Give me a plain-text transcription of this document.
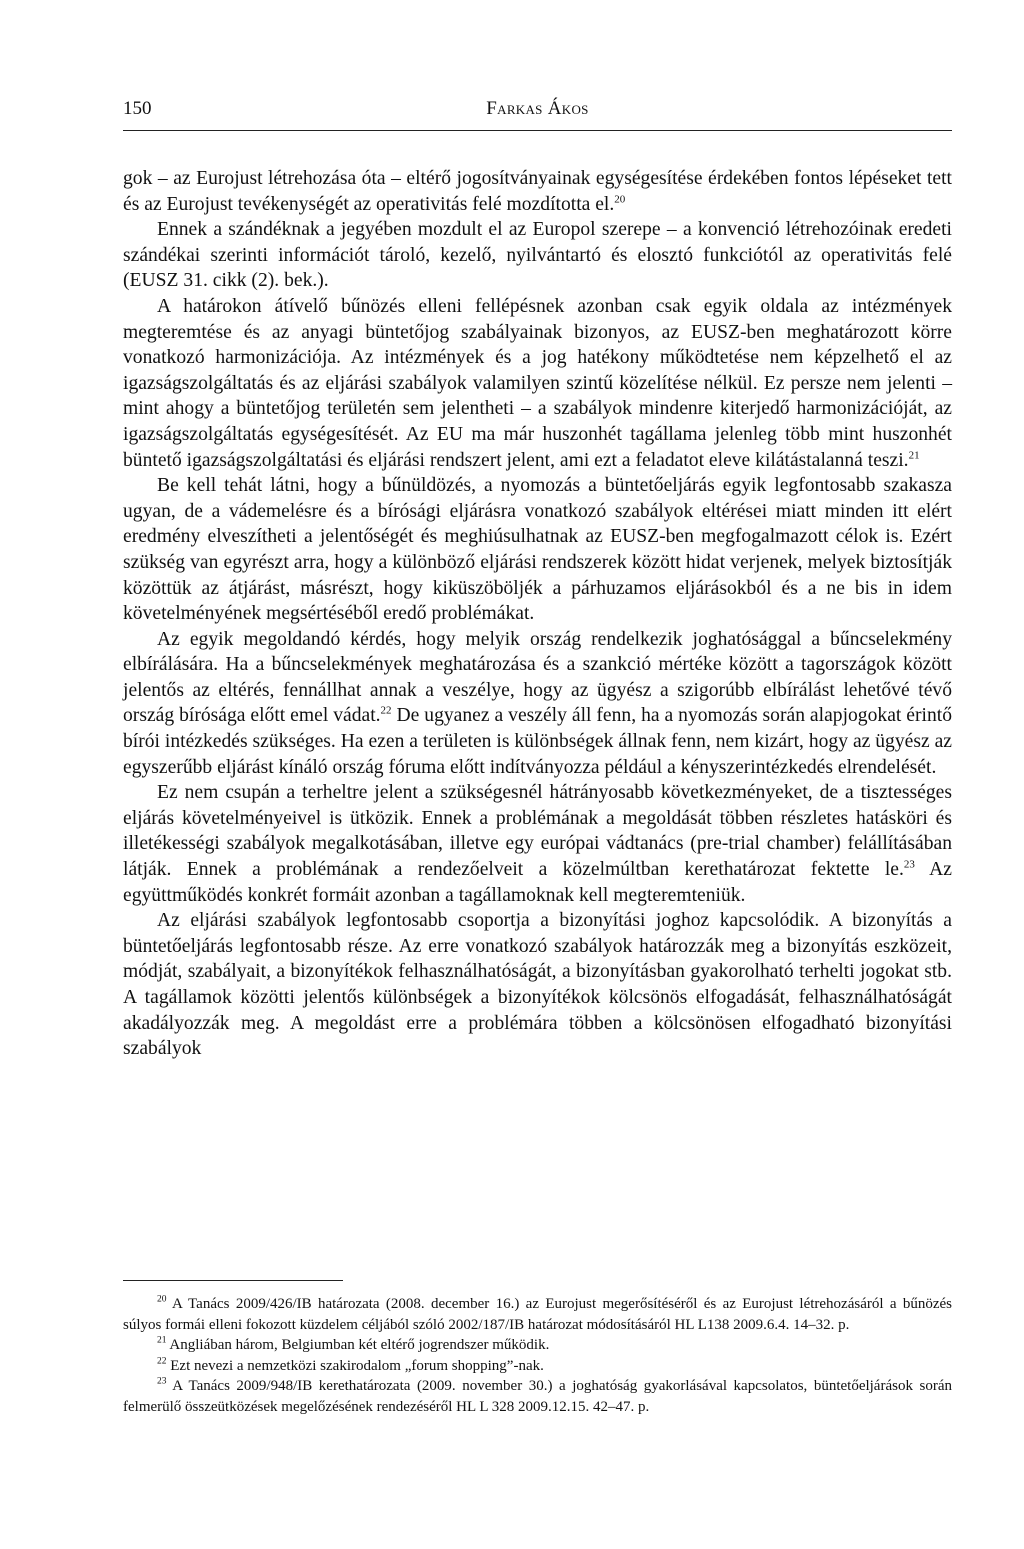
150	Farkas Ákos

gok – az Eurojust létrehozása óta – eltérő jogosítványainak egységesítése érdekében fontos lépéseket tett és az Eurojust tevékenységét az operativitás felé mozdította el.$^{20}$

Ennek a szándéknak a jegyében mozdult el az Europol szerepe – a konvenció létrehozóinak eredeti szándékai szerinti információt tároló, kezelő, nyilvántartó és elosztó funkciótól az operativitás felé (EUSZ 31. cikk (2). bek.).

A határokon átívelő bűnözés elleni fellépésnek azonban csak egyik oldala az intézmények megteremtése és az anyagi büntetőjog szabályainak bizonyos, az EUSZ-ben meghatározott körre vonatkozó harmonizációja. Az intézmények és a jog hatékony működtetése nem képzelhető el az igazságszolgáltatás és az eljárási szabályok valamilyen szintű közelítése nélkül. Ez persze nem jelenti – mint ahogy a büntetőjog területén sem jelentheti – a szabályok mindenre kiterjedő harmonizációját, az igazságszolgáltatás egységesítését. Az EU ma már huszonhét tagállama jelenleg több mint huszonhét büntető igazságszolgáltatási és eljárási rendszert jelent, ami ezt a feladatot eleve kilátástalanná teszi.$^{21}$

Be kell tehát látni, hogy a bűnüldözés, a nyomozás a büntetőeljárás egyik legfontosabb szakasza ugyan, de a vádemelésre és a bírósági eljárásra vonatkozó szabályok eltérései miatt minden itt elért eredmény elveszítheti a jelentőségét és meghiúsulhatnak az EUSZ-ben megfogalmazott célok is. Ezért szükség van egyrészt arra, hogy a különböző eljárási rendszerek között hidat verjenek, melyek biztosítják közöttük az átjárást, másrészt, hogy kiküszöböljék a párhuzamos eljárásokból és a ne bis in idem követelményének megsértéséből eredő problémákat.

Az egyik megoldandó kérdés, hogy melyik ország rendelkezik joghatósággal a bűncselekmény elbírálására. Ha a bűncselekmények meghatározása és a szankció mértéke között a tagországok között jelentős az eltérés, fennállhat annak a veszélye, hogy az ügyész a szigorúbb elbírálást lehetővé tévő ország bírósága előtt emel vádat.$^{22}$ De ugyanez a veszély áll fenn, ha a nyomozás során alapjogokat érintő bírói intézkedés szükséges. Ha ezen a területen is különbségek állnak fenn, nem kizárt, hogy az ügyész az egyszerűbb eljárást kínáló ország fóruma előtt indítványozza például a kényszerintézkedés elrendelését.

Ez nem csupán a terheltre jelent a szükségesnél hátrányosabb következményeket, de a tisztességes eljárás követelményeivel is ütközik. Ennek a problémának a megoldását többen részletes hatásköri és illetékességi szabályok megalkotásában, illetve egy európai vádtanács (pre-trial chamber) felállításában látják. Ennek a problémának a rendezőelveit a közelmúltban kerethatározat fektette le.$^{23}$ Az együttműködés konkrét formáit azonban a tagállamoknak kell megteremteniük.

Az eljárási szabályok legfontosabb csoportja a bizonyítási joghoz kapcsolódik. A bizonyítás a büntetőeljárás legfontosabb része. Az erre vonatkozó szabályok határozzák meg a bizonyítás eszközeit, módját, szabályait, a bizonyítékok felhasználhatóságát, a bizonyításban gyakorolható terhelti jogokat stb. A tagállamok közötti jelentős különbségek a bizonyítékok kölcsönös elfogadását, felhasználhatóságát akadályozzák meg. A megoldást erre a problémára többen a kölcsönösen elfogadható bizonyítási szabályok

$^{20}$ A Tanács 2009/426/IB határozata (2008. december 16.) az Eurojust megerősítéséről és az Eurojust létrehozásáról a bűnözés súlyos formái elleni fokozott küzdelem céljából szóló 2002/187/IB határozat módosításáról HL L138 2009.6.4. 14–32. p.

$^{21}$ Angliában három, Belgiumban két eltérő jogrendszer működik.

$^{22}$ Ezt nevezi a nemzetközi szakirodalom „forum shopping”-nak.

$^{23}$ A Tanács 2009/948/IB kerethatározata (2009. november 30.) a joghatóság gyakorlásával kapcsolatos, büntetőeljárások során felmerülő összeütközések megelőzésének rendezéséről HL L 328 2009.12.15. 42–47. p.
